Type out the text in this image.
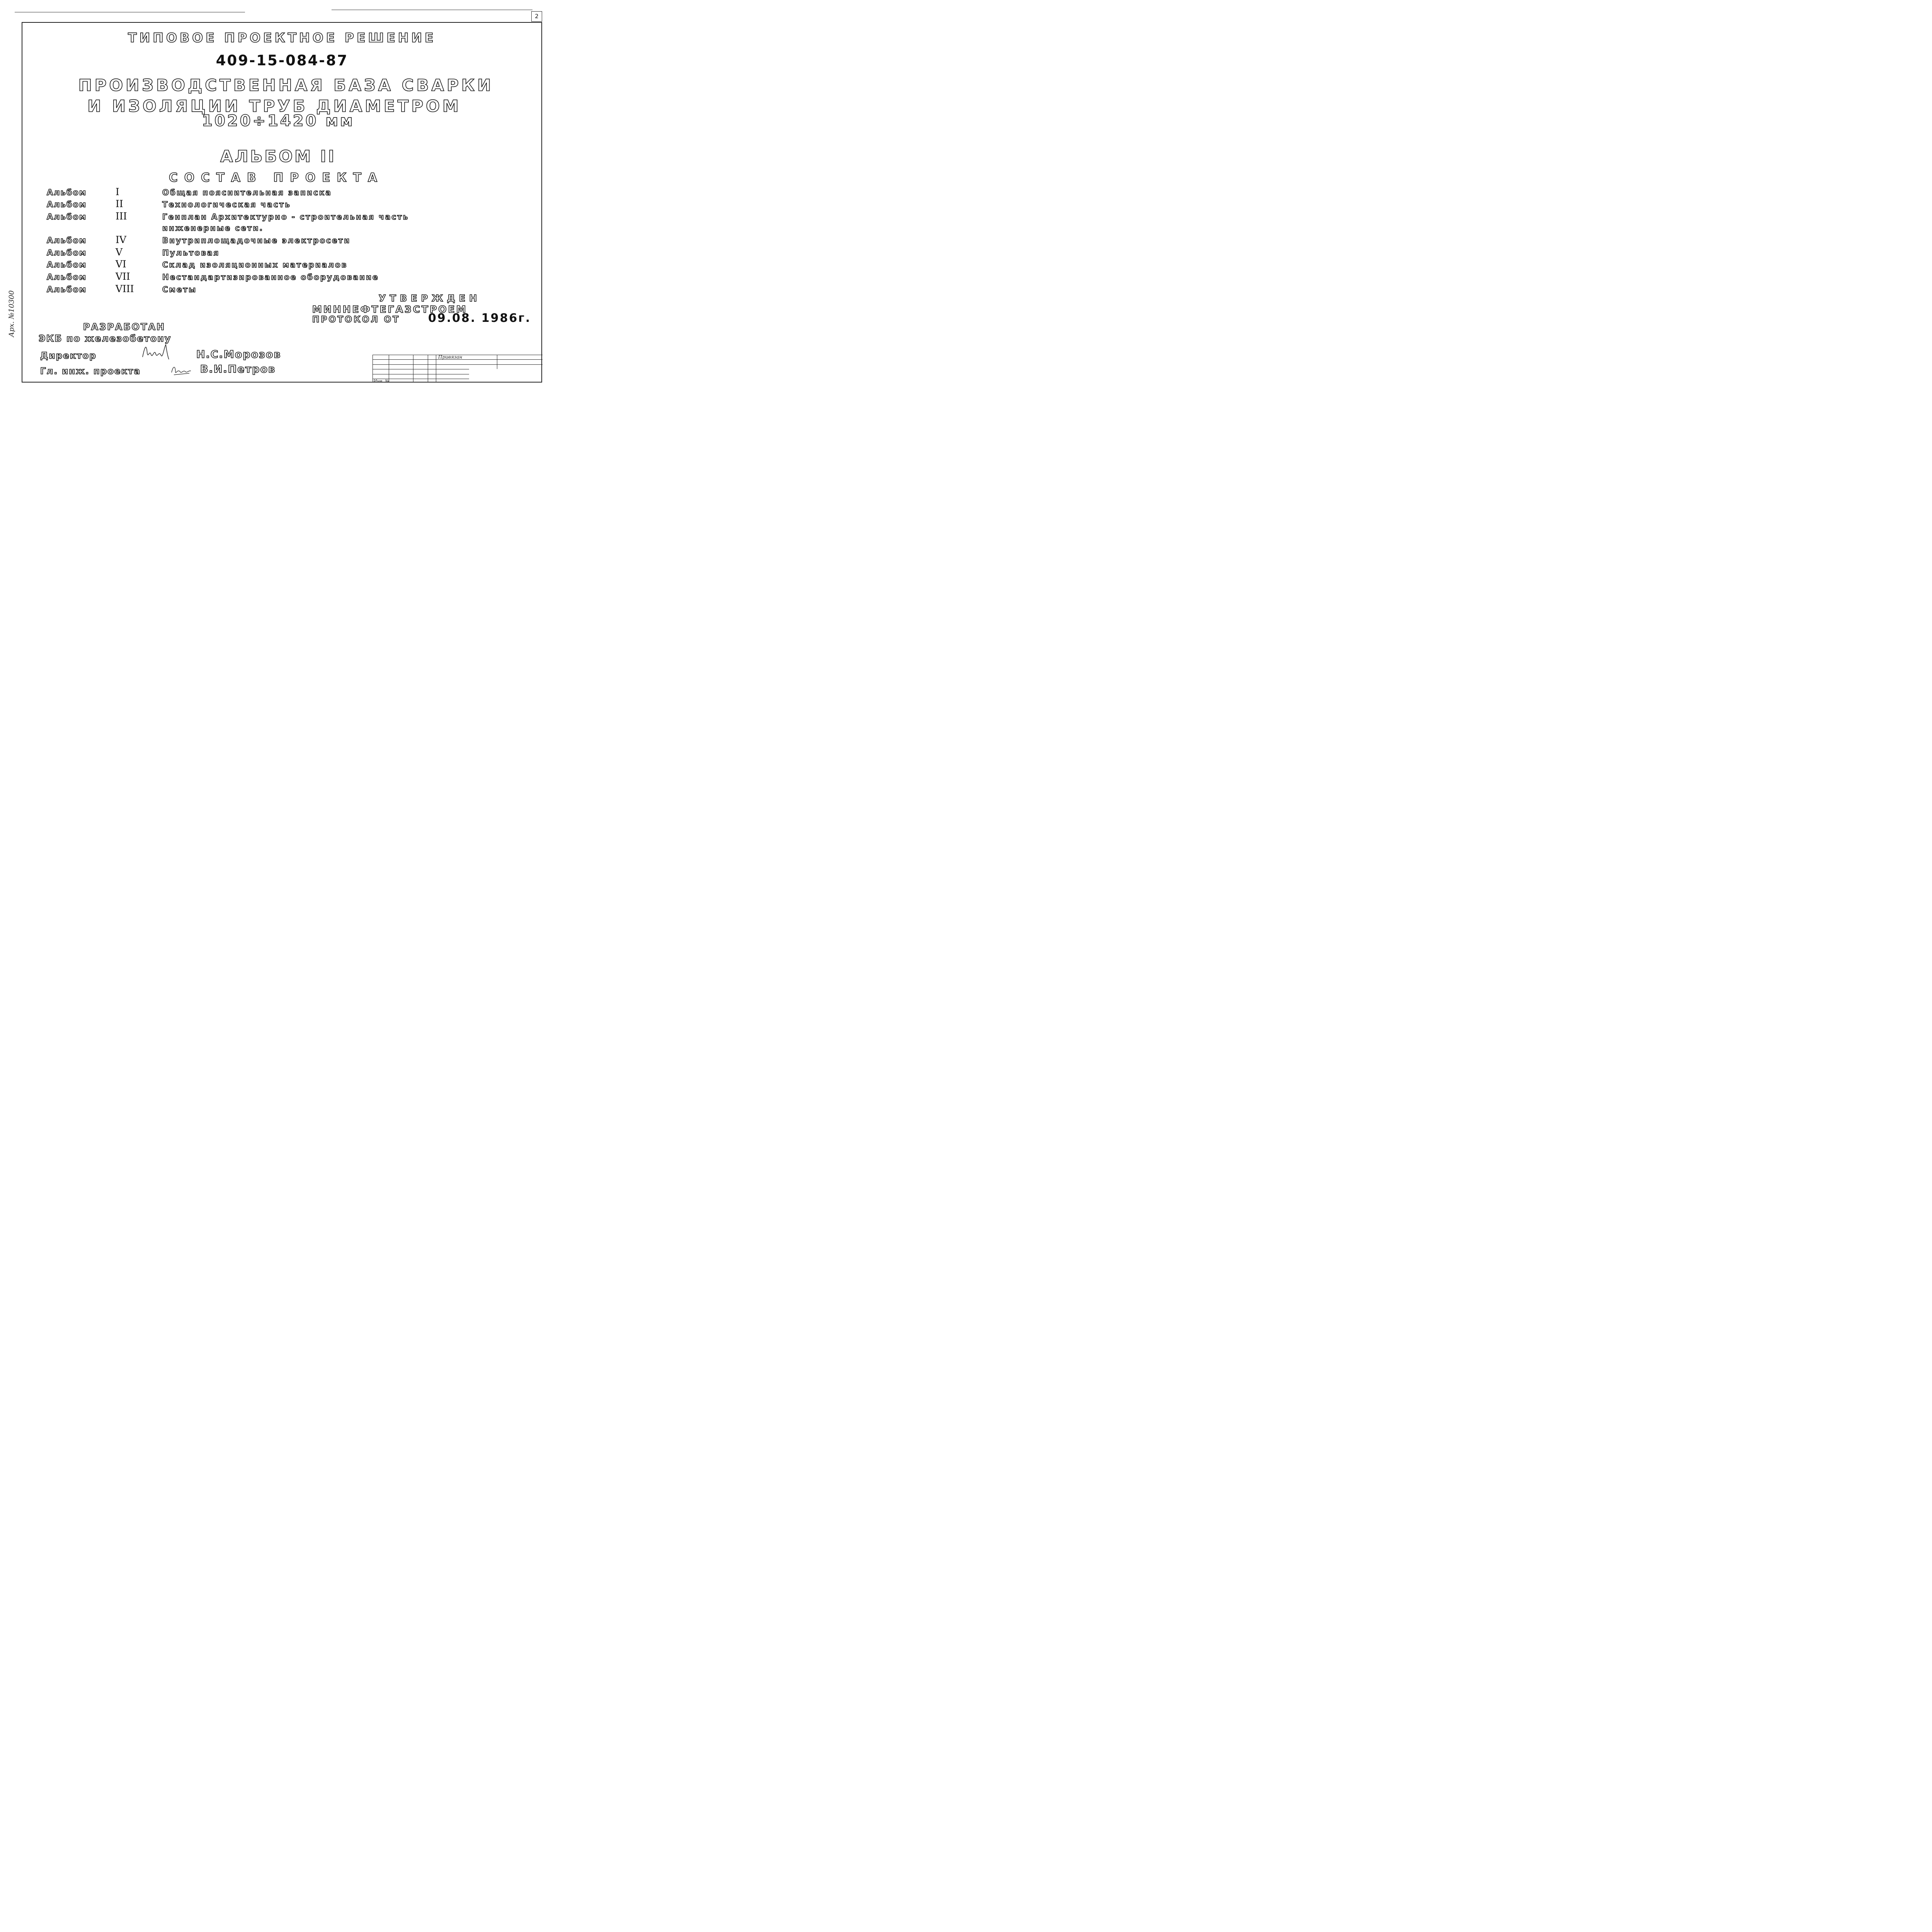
2
Арх. №10300
ТИПОВОЕ ПРОЕКТНОЕ РЕШЕНИЕ
409-15-084-87
ПРОИЗВОДСТВЕННАЯ БАЗА СВАРКИ
И ИЗОЛЯЦИИ ТРУБ ДИАМЕТРОМ
1020÷1420 мм
АЛЬБОМ II
СОСТАВ ПРОЕКТА
Альбом	I	Общая пояснительная записка
Альбом	II	Технологическая часть
Альбом	III	Генплан Архитектурно - строительная часть
инженерные сети.
Альбом	IV	Внутриплощадочные электросети
Альбом	V	Пультовая
Альбом	VI	Склад изоляционных материалов
Альбом	VII	Нестандартизированное оборудование
Альбом	VIII	Сметы
УТВЕРЖДЕН
МИННЕФТЕГАЗСТРОЕМ
ПРОТОКОЛ ОТ 09.08. 1986г.
РАЗРАБОТАН
ЭКБ по железобетону
Директор	Н.С.Морозов
Гл. инж. проекта	В.И.Петров
Привязан
Инв. №
